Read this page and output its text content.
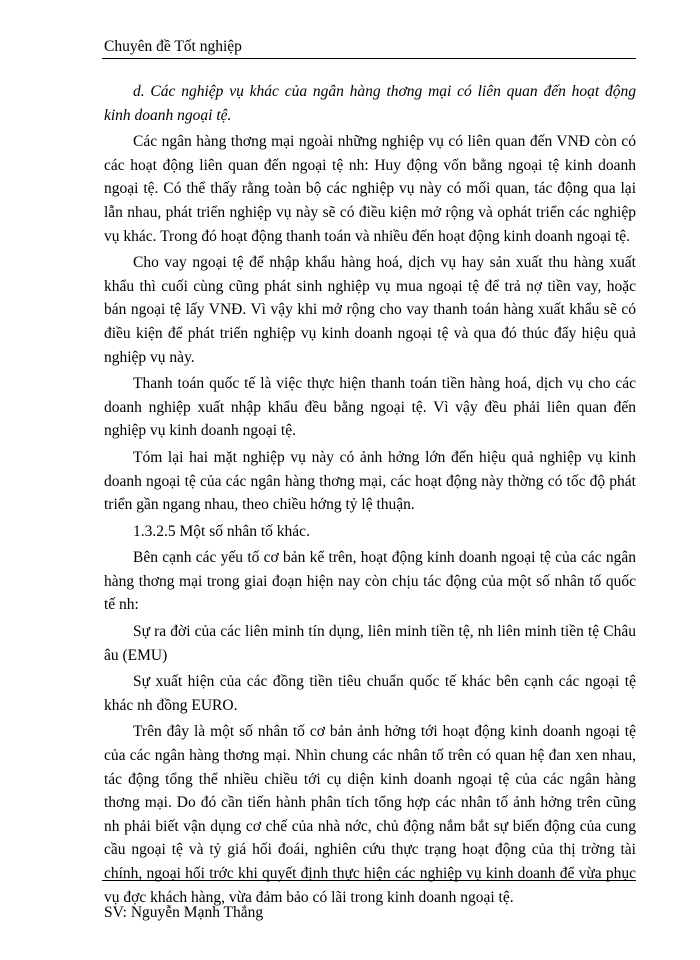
Chuyên đề Tốt nghiệp

d. Các nghiệp vụ khác của ngân hàng thơng mại có liên quan đến hoạt động kinh doanh ngoại tệ.

Các ngân hàng thơng mại ngoài những nghiệp vụ có liên quan đến VNĐ còn có các hoạt động liên quan đến ngoại tệ nh: Huy động vốn bằng ngoại tệ kinh doanh ngoại tệ. Có thể thấy rằng toàn bộ các nghiệp vụ này có mối quan, tác động qua lại lẫn nhau, phát triển nghiệp vụ này sẽ có điều kiện mở rộng và ophát triển các nghiệp vụ khác. Trong đó hoạt động thanh toán và nhiều đến hoạt động kinh doanh ngoại tệ.

Cho vay ngoại tệ để nhập khẩu hàng hoá, dịch vụ hay sản xuất thu hàng xuất khẩu thì cuối cùng cũng phát sinh nghiệp vụ mua ngoại tệ để trả nợ tiền vay, hoặc bán ngoại tệ lấy VNĐ. Vì vậy khi mở rộng cho vay thanh toán hàng xuất khẩu sẽ có điều kiện để phát triển nghiệp vụ kinh doanh ngoại tệ và qua đó thúc đẩy hiệu quả nghiệp vụ này.

Thanh toán quốc tế là việc thực hiện thanh toán tiền hàng hoá, dịch vụ cho các doanh nghiệp xuất nhập khẩu đều bằng ngoại tệ. Vì vậy đều phải liên quan đến nghiệp vụ kinh doanh ngoại tệ.

Tóm lại hai mặt nghiệp vụ này có ảnh hởng lớn đến hiệu quả nghiệp vụ kinh doanh ngoại tệ của các ngân hàng thơng mại, các hoạt động này thờng có tốc độ phát triển gần ngang nhau, theo chiều hớng tỷ lệ thuận.

1.3.2.5 Một số nhân tố khác.

Bên cạnh các yếu tố cơ bản kể trên, hoạt động kinh doanh ngoại tệ của các ngân hàng thơng mại trong giai đoạn hiện nay còn chịu tác động của một số nhân tố quốc tế nh:

Sự ra đời của các liên minh tín dụng, liên minh tiền tệ, nh liên minh tiền tệ Châu âu (EMU)

Sự xuất hiện của các đồng tiền tiêu chuẩn quốc tế khác bên cạnh các ngoại tệ khác nh đồng EURO.

Trên đây là một số nhân tố cơ bản ảnh hởng tới hoạt động kinh doanh ngoại tệ của các ngân hàng thơng mại. Nhìn chung các nhân tố trên có quan hệ đan xen nhau, tác động tổng thể nhiều chiều tới cụ diện kinh doanh ngoại tệ của các ngân hàng thơng mại. Do đó cần tiến hành phân tích tổng hợp các nhân tố ảnh hởng trên cũng nh phải biết vận dụng cơ chế của nhà nớc, chủ động nắm bắt sự biến động của cung cầu ngoại tệ và tỷ giá hối đoái, nghiên cứu thực trạng hoạt động của thị trờng tài chính, ngoại hối trớc khi quyết định thực hiện các nghiệp vụ kinh doanh để vừa phục vụ đợc khách hàng, vừa đảm bảo có lãi trong kinh doanh ngoại tệ.

SV: Nguyễn Mạnh Thắng
